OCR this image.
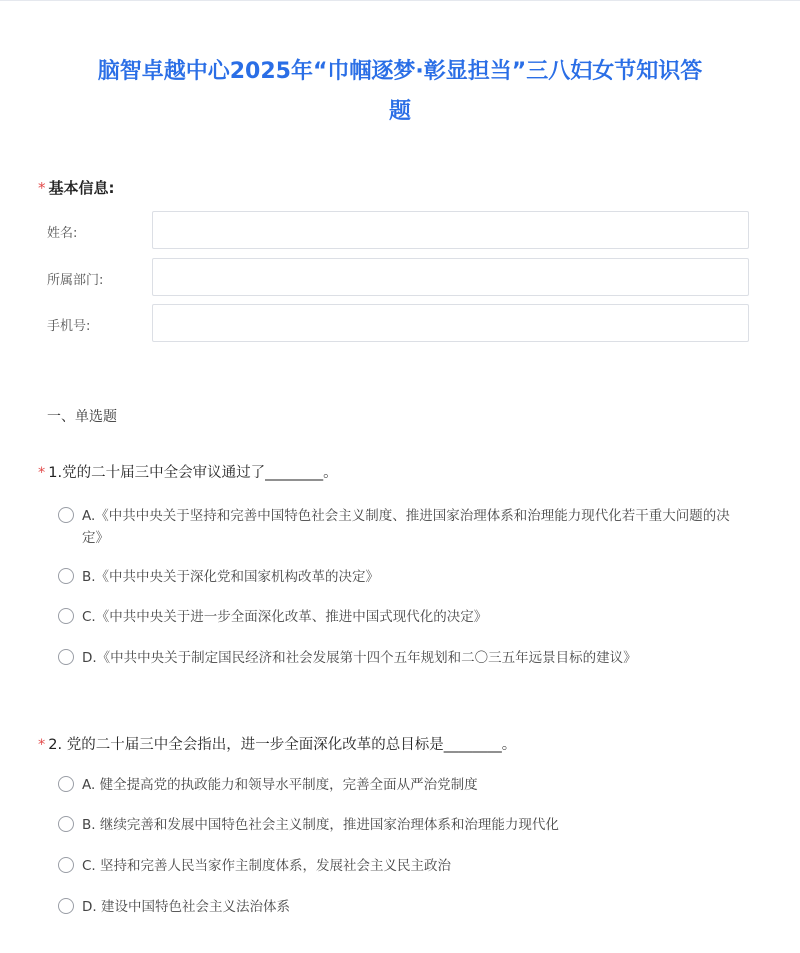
脑智卓越中心2025年“巾帼逐梦·彰显担当”三八妇女节知识答题
* 基本信息:
姓名:
所属部门:
手机号:
一、单选题
* 1.党的二十届三中全会审议通过了________。
A.《中共中央关于坚持和完善中国特色社会主义制度、推进国家治理体系和治理能力现代化若干重大问题的决定》
B.《中共中央关于深化党和国家机构改革的决定》
C.《中共中央关于进一步全面深化改革、推进中国式现代化的决定》
D.《中共中央关于制定国民经济和社会发展第十四个五年规划和二〇三五年远景目标的建议》
* 2. 党的二十届三中全会指出，进一步全面深化改革的总目标是________。
A. 健全提高党的执政能力和领导水平制度，完善全面从严治党制度
B. 继续完善和发展中国特色社会主义制度，推进国家治理体系和治理能力现代化
C. 坚持和完善人民当家作主制度体系，发展社会主义民主政治
D. 建设中国特色社会主义法治体系
